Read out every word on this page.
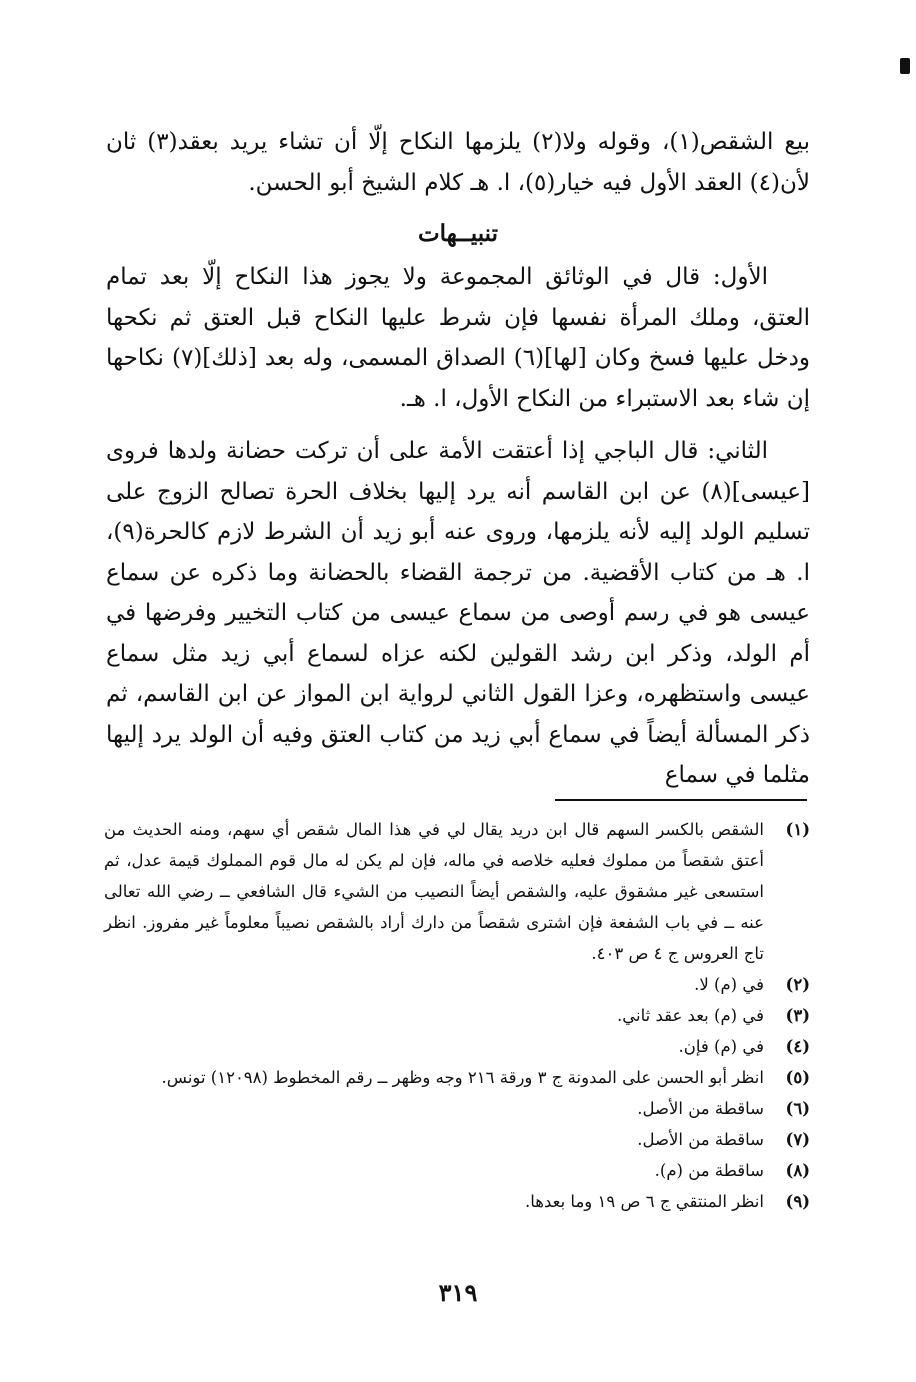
بيع الشقص(١)، وقوله ولا(٢) يلزمها النكاح إلّا أن تشاء يريد بعقد(٣) ثان لأن(٤) العقد الأول فيه خيار(٥)، ا. هـ كلام الشيخ أبو الحسن.

تنبيــهات

الأول: قال في الوثائق المجموعة ولا يجوز هذا النكاح إلّا بعد تمام العتق، وملك المرأة نفسها فإن شرط عليها النكاح قبل العتق ثم نكحها ودخل عليها فسخ وكان [لها](٦) الصداق المسمى، وله بعد [ذلك](٧) نكاحها إن شاء بعد الاستبراء من النكاح الأول، ا. هـ.

الثاني: قال الباجي إذا أعتقت الأمة على أن تركت حضانة ولدها فروى [عيسى](٨) عن ابن القاسم أنه يرد إليها بخلاف الحرة تصالح الزوج على تسليم الولد إليه لأنه يلزمها، وروى عنه أبو زيد أن الشرط لازم كالحرة(٩)، ا. هـ من كتاب الأقضية. من ترجمة القضاء بالحضانة وما ذكره عن سماع عيسى هو في رسم أوصى من سماع عيسى من كتاب التخيير وفرضها في أم الولد، وذكر ابن رشد القولين لكنه عزاه لسماع أبي زيد مثل سماع عيسى واستظهره، وعزا القول الثاني لرواية ابن المواز عن ابن القاسم، ثم ذكر المسألة أيضاً في سماع أبي زيد من كتاب العتق وفيه أن الولد يرد إليها مثلما في سماع

(١)
الشقص بالكسر السهم قال ابن دريد يقال لي في هذا المال شقص أي سهم، ومنه الحديث من أعتق شقصاً من مملوك فعليه خلاصه في ماله، فإن لم يكن له مال قوم المملوك قيمة عدل، ثم استسعى غير مشقوق عليه، والشقص أيضاً النصيب من الشيء قال الشافعي ــ رضي الله تعالى عنه ــ في باب الشفعة فإن اشترى شقصاً من دارك أراد بالشقص نصيباً معلوماً غير مفروز. انظر تاج العروس ج ٤ ص ٤٠٣.
(٢)
في (م) لا.
(٣)
في (م) بعد عقد ثاني.
(٤)
في (م) فإن.
(٥)
انظر أبو الحسن على المدونة ج ٣ ورقة ٢١٦ وجه وظهر ــ رقم المخطوط (١٢٠٩٨) تونس.
(٦)
ساقطة من الأصل.
(٧)
ساقطة من الأصل.
(٨)
ساقطة من (م).
(٩)
انظر المنتقي ج ٦ ص ١٩ وما بعدها.
٣١٩
